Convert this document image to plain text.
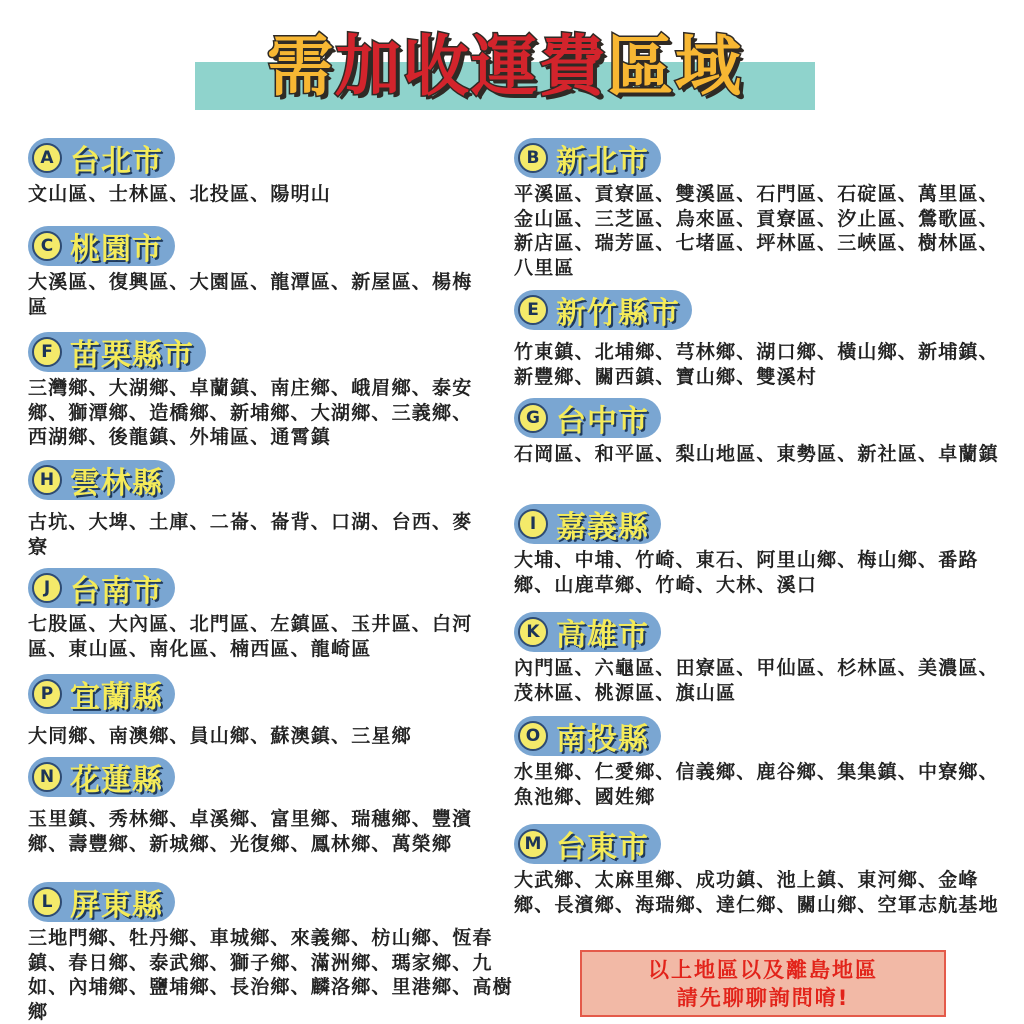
需 加收運費 區域
A 台北市
文山區、士林區、北投區、陽明山
C 桃園市
大溪區、復興區、大園區、龍潭區、新屋區、楊梅區
F 苗栗縣市
三灣鄉、大湖鄉、卓蘭鎮、南庄鄉、峨眉鄉、泰安鄉、獅潭鄉、造橋鄉、新埔鄉、大湖鄉、三義鄉、西湖鄉、後龍鎮、外埔區、通霄鎮
H 雲林縣
古坑、大埤、土庫、二崙、崙背、口湖、台西、麥寮
J 台南市
七股區、大內區、北門區、左鎮區、玉井區、白河區、東山區、南化區、楠西區、龍崎區
P 宜蘭縣
大同鄉、南澳鄉、員山鄉、蘇澳鎮、三星鄉
N 花蓮縣
玉里鎮、秀林鄉、卓溪鄉、富里鄉、瑞穗鄉、豐濱鄉、壽豐鄉、新城鄉、光復鄉、鳳林鄉、萬榮鄉
L 屏東縣
三地門鄉、牡丹鄉、車城鄉、來義鄉、枋山鄉、恆春鎮、春日鄉、泰武鄉、獅子鄉、滿洲鄉、瑪家鄉、九如、內埔鄉、鹽埔鄉、長治鄉、麟洛鄉、里港鄉、高樹鄉
B 新北市
平溪區、貢寮區、雙溪區、石門區、石碇區、萬里區、金山區、三芝區、烏來區、貢寮區、汐止區、鶯歌區、新店區、瑞芳區、七堵區、坪林區、三峽區、樹林區、八里區
E 新竹縣市
竹東鎮、北埔鄉、芎林鄉、湖口鄉、橫山鄉、新埔鎮、新豐鄉、關西鎮、寶山鄉、雙溪村
G 台中市
石岡區、和平區、梨山地區、東勢區、新社區、卓蘭鎮
I 嘉義縣
大埔、中埔、竹崎、東石、阿里山鄉、梅山鄉、番路鄉、山鹿草鄉、竹崎、大林、溪口
K 高雄市
內門區、六龜區、田寮區、甲仙區、杉林區、美濃區、茂林區、桃源區、旗山區
O 南投縣
水里鄉、仁愛鄉、信義鄉、鹿谷鄉、集集鎮、中寮鄉、魚池鄉、國姓鄉
M 台東市
大武鄉、太麻里鄉、成功鎮、池上鎮、東河鄉、金峰鄉、長濱鄉、海瑞鄉、達仁鄉、關山鄉、空軍志航基地
以上地區以及離島地區
請先聊聊詢問唷!
